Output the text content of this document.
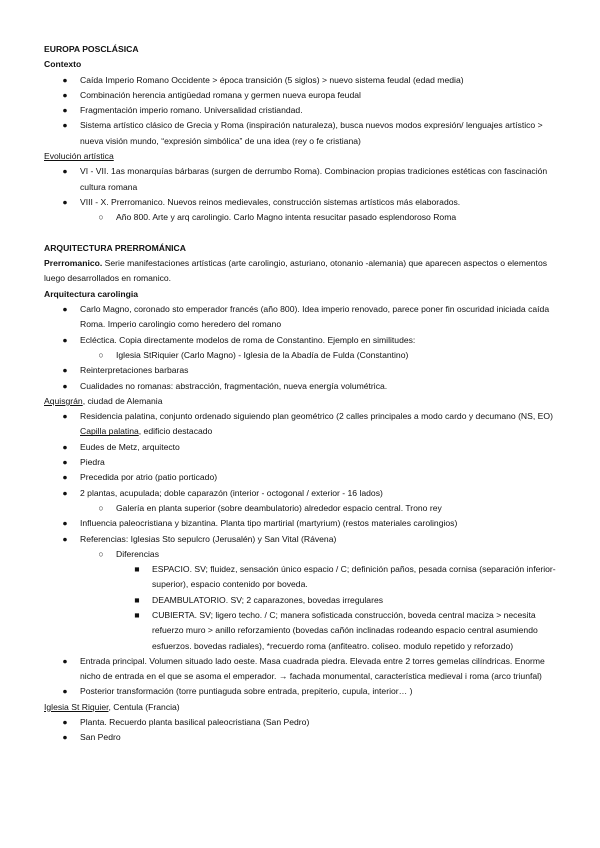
EUROPA POSCLÁSICA
Contexto
● Caída Imperio Romano Occidente > época transición (5 siglos) > nuevo sistema feudal (edad media)
● Combinación herencia antigüedad romana y germen nueva europa feudal
● Fragmentación imperio romano. Universalidad cristiandad.
● Sistema artístico clásico de Grecia y Roma (inspiración naturaleza), busca nuevos modos expresión/ lenguajes artístico > nueva visión mundo, “expresión simbólica” de una idea (rey o fe cristiana)
Evolución artística
● VI - VII. 1as monarquías bárbaras (surgen de derrumbo Roma). Combinacion propias tradiciones estéticas con fascinación cultura romana
● VIII - X. Prerromanico. Nuevos reinos medievales, construcción sistemas artísticos más elaborados.
○ Año 800. Arte y arq carolingio. Carlo Magno intenta resucitar pasado esplendoroso Roma
ARQUITECTURA PRERROMÁNICA
Prerromanico. Serie manifestaciones artísticas (arte carolingio, asturiano, otonanio -alemania) que aparecen aspectos o elementos luego desarrollados en romanico.
Arquitectura carolingia
● Carlo Magno, coronado sto emperador francés (año 800). Idea imperio renovado, parece poner fin oscuridad iniciada caída Roma. Imperio carolingio como heredero del romano
● Ecléctica. Copia directamente modelos de roma de Constantino. Ejemplo en similitudes:
○ Iglesia StRiquier (Carlo Magno) - Iglesia de la Abadía de Fulda (Constantino)
● Reinterpretaciones barbaras
● Cualidades no romanas: abstracción, fragmentación, nueva energía volumétrica.
Aquisgrán, ciudad de Alemania
● Residencia palatina, conjunto ordenado siguiendo plan geométrico (2 calles principales a modo cardo y decumano (NS, EO)
Capilla palatina, edificio destacado
● Eudes de Metz, arquitecto
● Piedra
● Precedida por atrio (patio porticado)
● 2 plantas, acupulada; doble caparazón (interior - octogonal / exterior - 16 lados)
○ Galería en planta superior (sobre deambulatorio) alrededor espacio central. Trono rey
● Influencia paleocristiana y bizantina. Planta tipo martirial (martyrium) (restos materiales carolingios)
● Referencias: Iglesias Sto sepulcro (Jerusalén) y San Vital (Rávena)
○ Diferencias
■ ESPACIO. SV; fluidez, sensación único espacio / C; definición paños, pesada cornisa (separación inferior-superior), espacio contenido por boveda.
■ DEAMBULATORIO. SV; 2 caparazones, bovedas irregulares
■ CUBIERTA. SV; ligero techo. / C; manera sofisticada construcción, boveda central maciza > necesita refuerzo muro > anillo reforzamiento (bovedas cañón inclinadas rodeando espacio central asumiendo esfuerzos. bovedas radiales), *recuerdo roma (anfiteatro. coliseo. modulo repetido y reforzado)
● Entrada principal. Volumen situado lado oeste. Masa cuadrada piedra. Elevada entre 2 torres gemelas cilíndricas. Enorme nicho de entrada en el que se asoma el emperador. → fachada monumental, característica medieval i roma (arco triunfal)
● Posterior transformación (torre puntiaguda sobre entrada, prepiterio, cupula, interior… )
Iglesia St Riquier, Centula (Francia)
● Planta. Recuerdo planta basilical paleocristiana (San Pedro)
● San Pedro
